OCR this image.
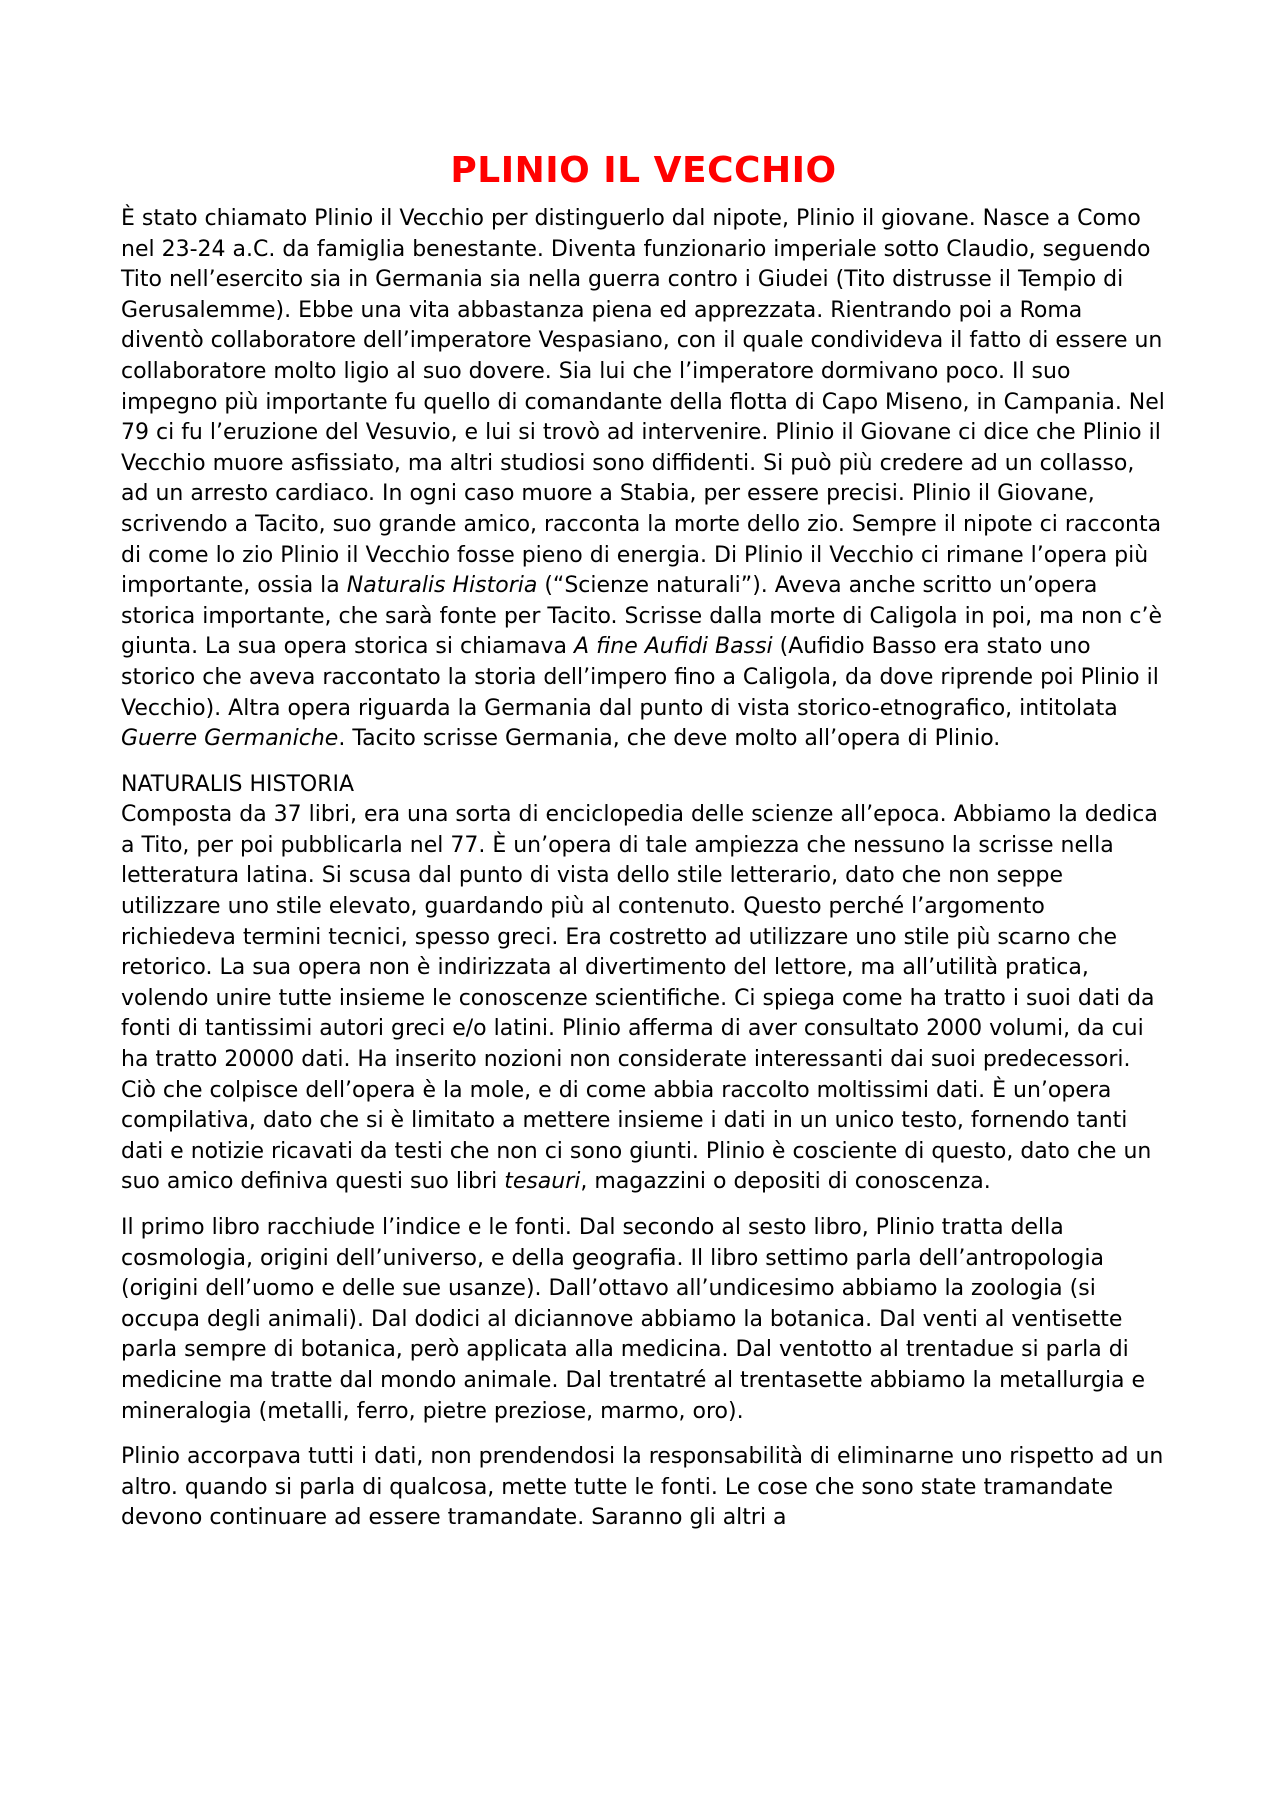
PLINIO IL VECCHIO

È stato chiamato Plinio il Vecchio per distinguerlo dal nipote, Plinio il giovane. Nasce a Como nel 23-24 a.C. da famiglia benestante. Diventa funzionario imperiale sotto Claudio, seguendo Tito nell’esercito sia in Germania sia nella guerra contro i Giudei (Tito distrusse il Tempio di Gerusalemme). Ebbe una vita abbastanza piena ed apprezzata. Rientrando poi a Roma diventò collaboratore dell’imperatore Vespasiano, con il quale condivideva il fatto di essere un collaboratore molto ligio al suo dovere. Sia lui che l’imperatore dormivano poco. Il suo impegno più importante fu quello di comandante della flotta di Capo Miseno, in Campania. Nel 79 ci fu l’eruzione del Vesuvio, e lui si trovò ad intervenire. Plinio il Giovane ci dice che Plinio il Vecchio muore asfissiato, ma altri studiosi sono diffidenti. Si può più credere ad un collasso, ad un arresto cardiaco. In ogni caso muore a Stabia, per essere precisi. Plinio il Giovane, scrivendo a Tacito, suo grande amico, racconta la morte dello zio. Sempre il nipote ci racconta di come lo zio Plinio il Vecchio fosse pieno di energia. Di Plinio il Vecchio ci rimane l’opera più importante, ossia la Naturalis Historia (“Scienze naturali”). Aveva anche scritto un’opera storica importante, che sarà fonte per Tacito. Scrisse dalla morte di Caligola in poi, ma non c’è giunta. La sua opera storica si chiamava A fine Aufidi Bassi (Aufidio Basso era stato uno storico che aveva raccontato la storia dell’impero fino a Caligola, da dove riprende poi Plinio il Vecchio). Altra opera riguarda la Germania dal punto di vista storico-etnografico, intitolata Guerre Germaniche. Tacito scrisse Germania, che deve molto all’opera di Plinio.

NATURALIS HISTORIA

Composta da 37 libri, era una sorta di enciclopedia delle scienze all’epoca. Abbiamo la dedica a Tito, per poi pubblicarla nel 77. È un’opera di tale ampiezza che nessuno la scrisse nella letteratura latina. Si scusa dal punto di vista dello stile letterario, dato che non seppe utilizzare uno stile elevato, guardando più al contenuto. Questo perché l’argomento richiedeva termini tecnici, spesso greci. Era costretto ad utilizzare uno stile più scarno che retorico. La sua opera non è indirizzata al divertimento del lettore, ma all’utilità pratica, volendo unire tutte insieme le conoscenze scientifiche. Ci spiega come ha tratto i suoi dati da fonti di tantissimi autori greci e/o latini. Plinio afferma di aver consultato 2000 volumi, da cui ha tratto 20000 dati. Ha inserito nozioni non considerate interessanti dai suoi predecessori. Ciò che colpisce dell’opera è la mole, e di come abbia raccolto moltissimi dati. È un’opera compilativa, dato che si è limitato a mettere insieme i dati in un unico testo, fornendo tanti dati e notizie ricavati da testi che non ci sono giunti. Plinio è cosciente di questo, dato che un suo amico definiva questi suo libri tesauri, magazzini o depositi di conoscenza.

Il primo libro racchiude l’indice e le fonti. Dal secondo al sesto libro, Plinio tratta della cosmologia, origini dell’universo, e della geografia. Il libro settimo parla dell’antropologia (origini dell’uomo e delle sue usanze). Dall’ottavo all’undicesimo abbiamo la zoologia (si occupa degli animali). Dal dodici al diciannove abbiamo la botanica. Dal venti al ventisette parla sempre di botanica, però applicata alla medicina. Dal ventotto al trentadue si parla di medicine ma tratte dal mondo animale. Dal trentatré al trentasette abbiamo la metallurgia e mineralogia (metalli, ferro, pietre preziose, marmo, oro).

Plinio accorpava tutti i dati, non prendendosi la responsabilità di eliminarne uno rispetto ad un altro. quando si parla di qualcosa, mette tutte le fonti. Le cose che sono state tramandate devono continuare ad essere tramandate. Saranno gli altri a
